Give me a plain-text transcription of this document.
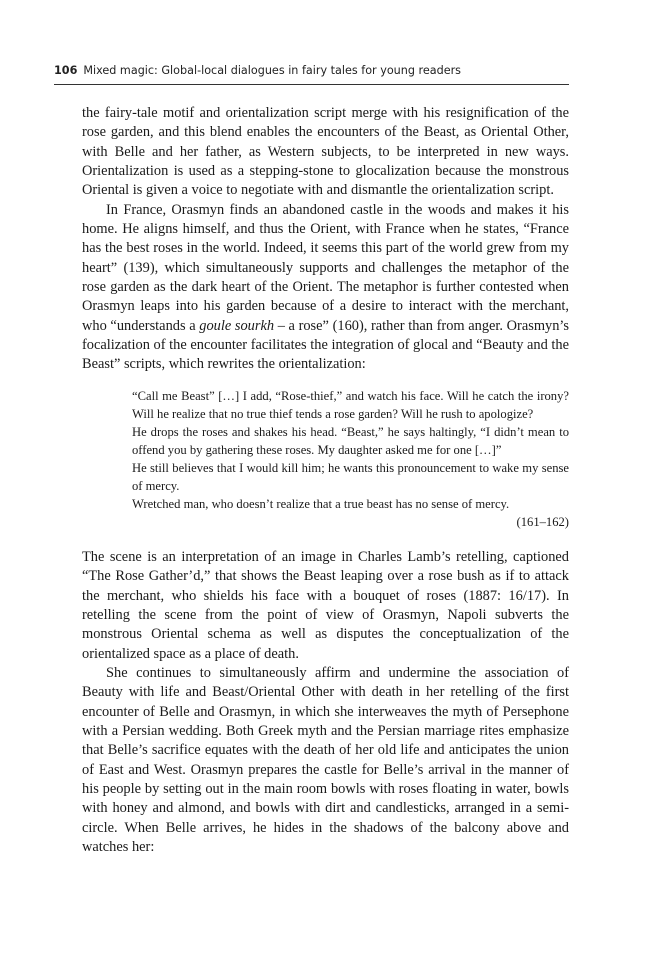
106 Mixed magic: Global-local dialogues in fairy tales for young readers

the fairy-tale motif and orientalization script merge with his resignification of the rose garden, and this blend enables the encounters of the Beast, as Oriental Other, with Belle and her father, as Western subjects, to be interpreted in new ways. Orientalization is used as a stepping-stone to glocalization because the monstrous Oriental is given a voice to negotiate with and dismantle the orientalization script.

In France, Orasmyn finds an abandoned castle in the woods and makes it his home. He aligns himself, and thus the Orient, with France when he states, “France has the best roses in the world. Indeed, it seems this part of the world grew from my heart” (139), which simultaneously supports and challenges the metaphor of the rose garden as the dark heart of the Orient. The metaphor is further contested when Orasmyn leaps into his garden because of a desire to interact with the merchant, who “understands a goule sourkh – a rose” (160), rather than from anger. Orasmyn’s focalization of the encounter facilitates the integration of glocal and “Beauty and the Beast” scripts, which rewrites the orientalization:

“Call me Beast” […] I add, “Rose-thief,” and watch his face. Will he catch the irony? Will he realize that no true thief tends a rose garden? Will he rush to apologize?

He drops the roses and shakes his head. “Beast,” he says haltingly, “I didn’t mean to offend you by gathering these roses. My daughter asked me for one […]”

He still believes that I would kill him; he wants this pronouncement to wake my sense of mercy.

Wretched man, who doesn’t realize that a true beast has no sense of mercy.

(161–162)

The scene is an interpretation of an image in Charles Lamb’s retelling, captioned “The Rose Gather’d,” that shows the Beast leaping over a rose bush as if to attack the merchant, who shields his face with a bouquet of roses (1887: 16/17). In retelling the scene from the point of view of Orasmyn, Napoli subverts the monstrous Oriental schema as well as disputes the conceptualization of the orientalized space as a place of death.

She continues to simultaneously affirm and undermine the association of Beauty with life and Beast/Oriental Other with death in her retelling of the first encounter of Belle and Orasmyn, in which she interweaves the myth of Persephone with a Persian wedding. Both Greek myth and the Persian marriage rites emphasize that Belle’s sacrifice equates with the death of her old life and anticipates the union of East and West. Orasmyn prepares the castle for Belle’s arrival in the manner of his people by setting out in the main room bowls with roses floating in water, bowls with honey and almond, and bowls with dirt and candlesticks, arranged in a semi-circle. When Belle arrives, he hides in the shadows of the balcony above and watches her:
